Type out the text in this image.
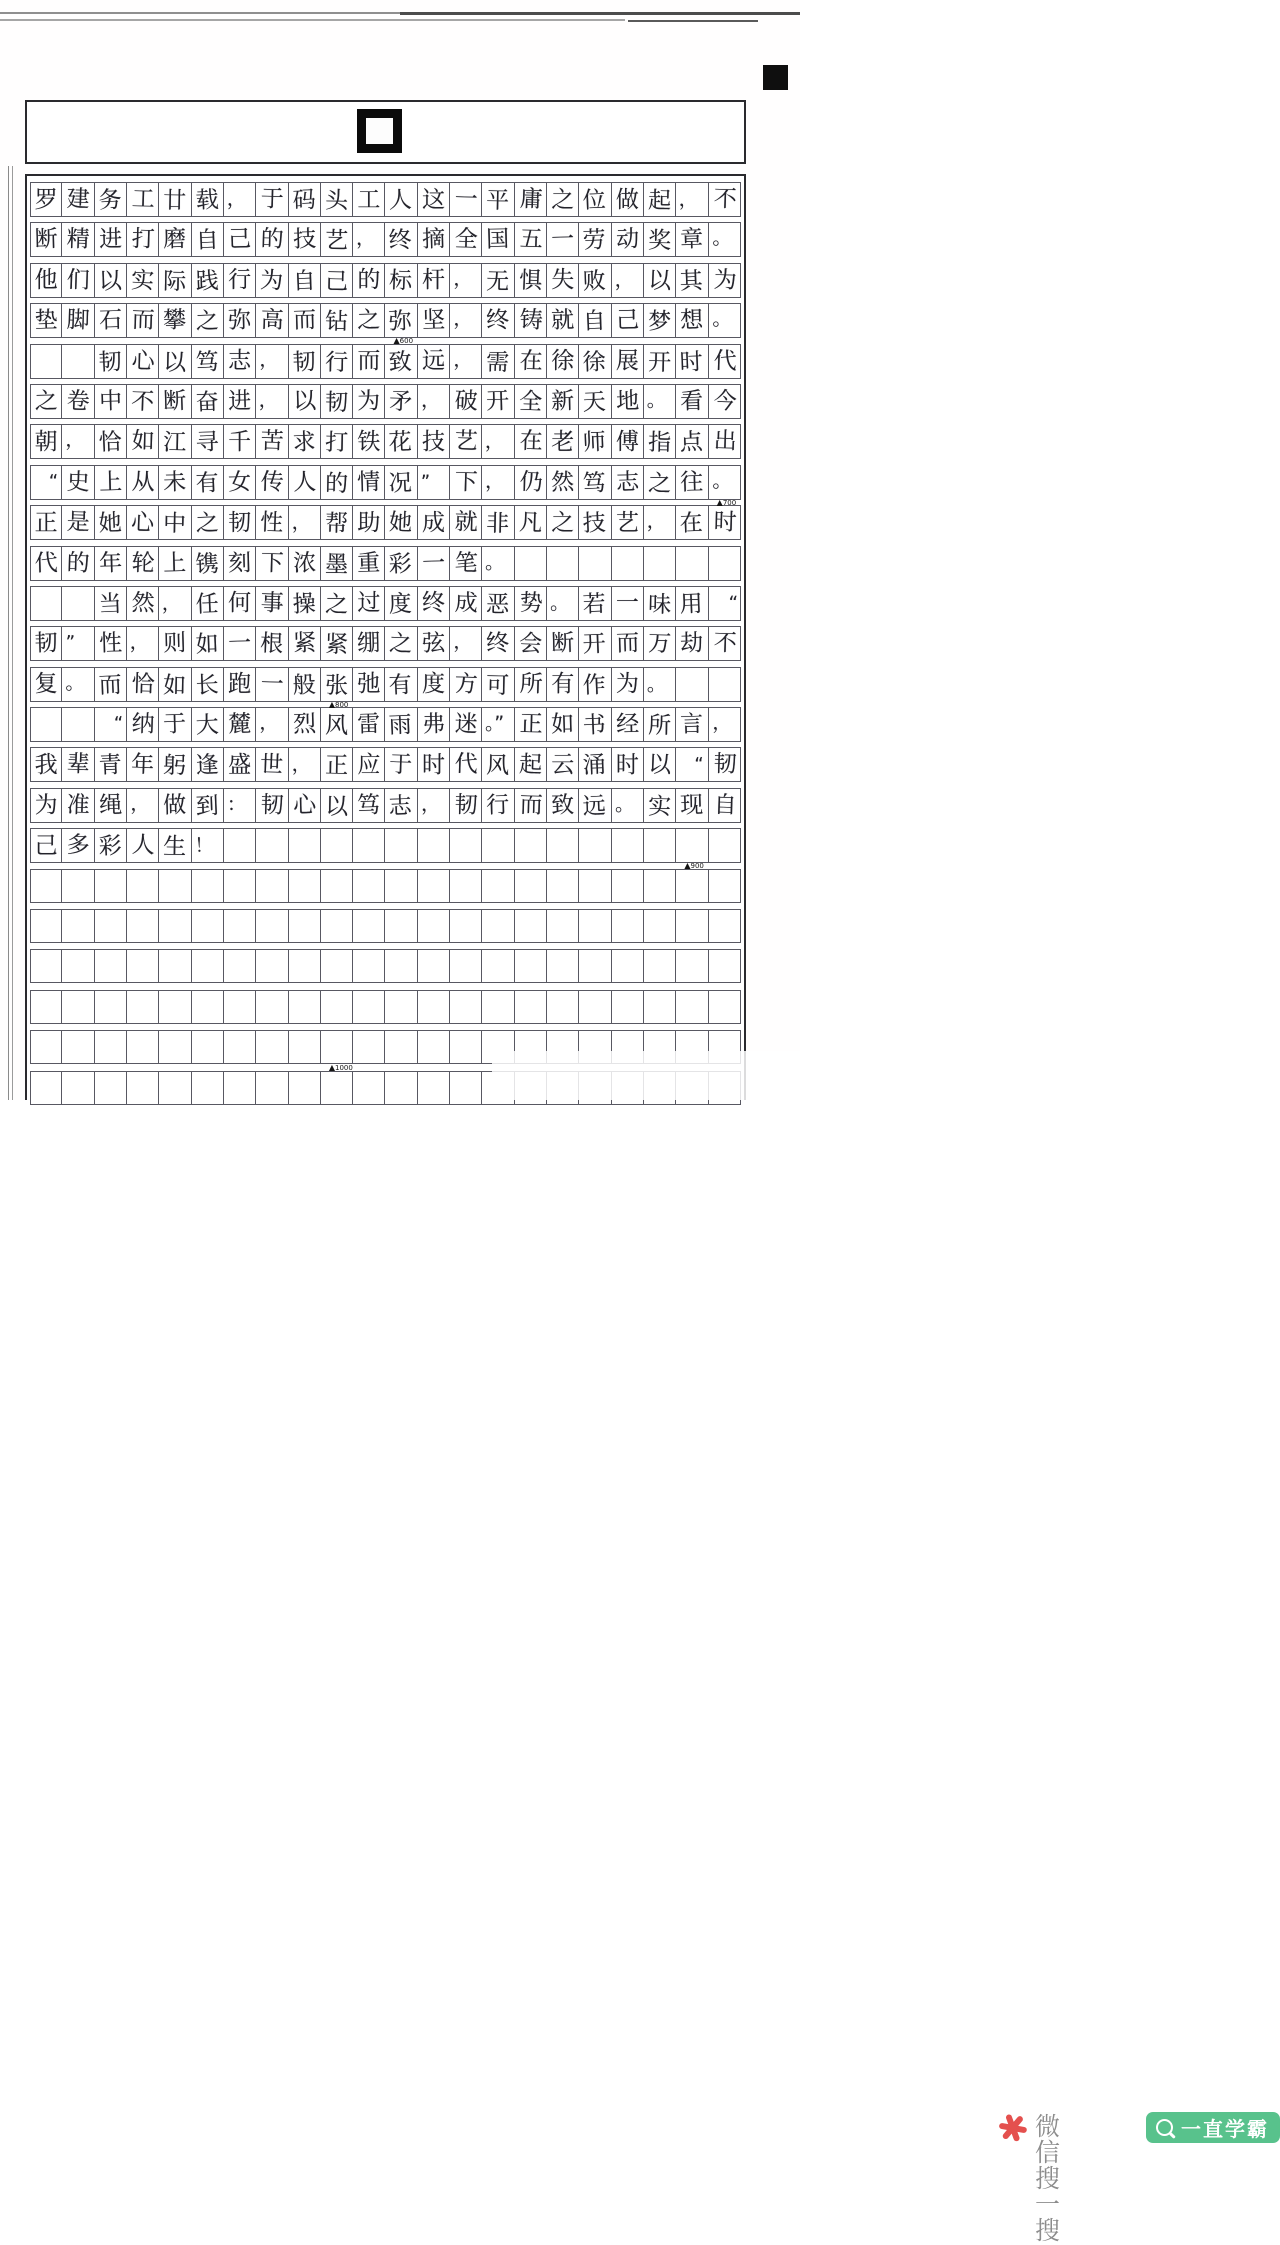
罗 建 务 工 廿 载 ， 于 码 头 工 人 这 一 平 庸 之 位 做 起 ， 不
断 精 进 打 磨 自 己 的 技 艺 ， 终 摘 全 国 五 一 劳 动 奖 章 。
他 们 以 实 际 践 行 为 自 己 的 标 杆 ， 无 惧 失 败 ， 以 其 为
垫 脚 石 而 攀 之 弥 高 而 钻 之 弥 坚 ， 终 铸 就 自 己 梦 想 。
韧 心 以 笃 志 ， 韧 行 而 致 远 ， 需 在 徐 徐 展 开 时 代
之 卷 中 不 断 奋 进 ， 以 韧 为 矛 ， 破 开 全 新 天 地 。 看 今
朝 ， 恰 如 江 寻 千 苦 求 打 铁 花 技 艺 ， 在 老 师 傅 指 点 出
“ 史 上 从 未 有 女 传 人 的 情 况 ”	下 ， 仍 然 笃 志 之 往 。
正 是 她 心 中 之 韧 性 ， 帮 助 她 成 就 非 凡 之 技 艺 ， 在 时
代 的 年 轮 上 镌 刻 下 浓 墨 重 彩 一 笔 。
当 然 ， 任 何 事 操 之 过 度 终 成 恶 势 。 若 一 味 用	“
韧 ” 性 ， 则 如 一 根 紧 紧 绷 之 弦 ， 终 会 断 开 而 万 劫 不
复 。 而 恰 如 长 跑 一 般 张 弛 有 度 方 可 所 有 作 为 。
“ 纳 于 大 麓 ， 烈 风 雷 雨 弗 迷 。” 正 如 书 经 所 言 ，
我 辈 青 年 躬 逢 盛 世 ， 正 应 于 时 代 风 起 云 涌 时 以	“ 韧
为 准 绳 ， 做 到 ： 韧 心 以 笃 志 ， 韧 行 而 致 远 。 实 现 自
己 多 彩 人 生 ！
▲600
▲700
▲800
▲900
▲1000
微信搜一搜
一直学霸
